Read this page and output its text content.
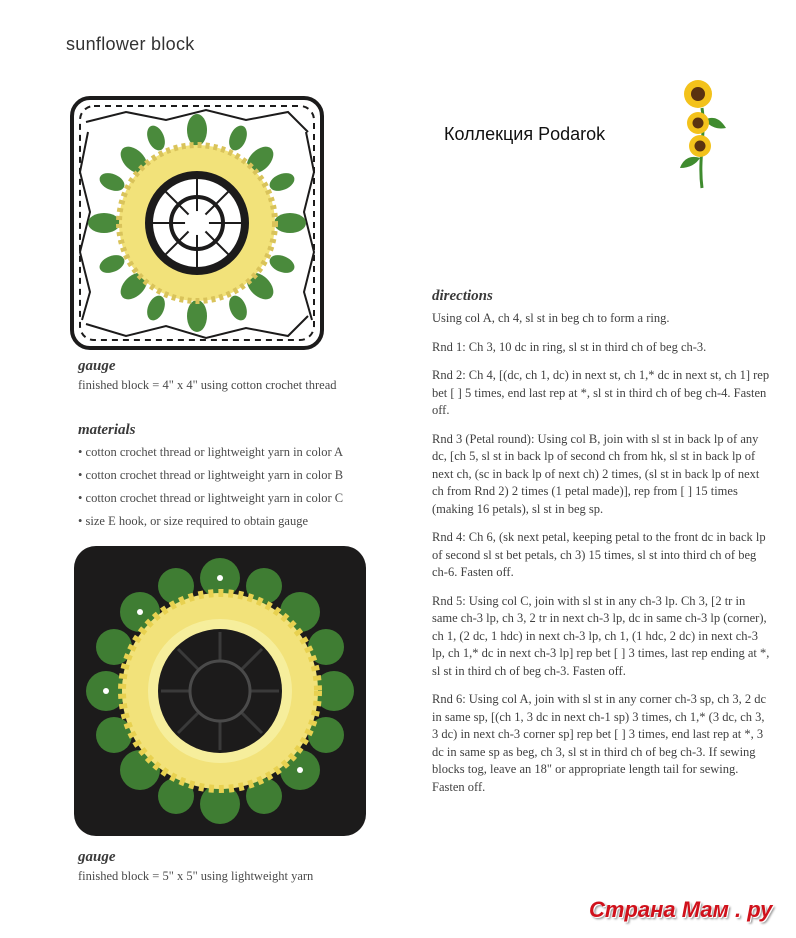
sunflower block
Коллекция Podarok
gauge
finished block = 4" x 4" using cotton crochet thread
materials
• cotton crochet thread or lightweight yarn in color A
• cotton crochet thread or lightweight yarn in color B
• cotton crochet thread or lightweight yarn in color C
• size E hook, or size required to obtain gauge
gauge
finished block = 5" x 5" using lightweight yarn
directions

Using col A, ch 4, sl st in beg ch to form a ring.

Rnd 1: Ch 3, 10 dc in ring, sl st in third ch of beg ch-3.

Rnd 2: Ch 4, [(dc, ch 1, dc) in next st, ch 1,* dc in next st, ch 1] rep bet [ ] 5 times, end last rep at *, sl st in third ch of beg ch-4. Fasten off.

Rnd 3 (Petal round): Using col B, join with sl st in back lp of any dc, [ch 5, sl st in back lp of second ch from hk, sl st in back lp of next ch, (sc in back lp of next ch) 2 times, (sl st in back lp of next ch from Rnd 2) 2 times (1 petal made)], rep from [ ] 15 times (making 16 petals), sl st in beg sp.

Rnd 4: Ch 6, (sk next petal, keeping petal to the front dc in back lp of second sl st bet petals, ch 3) 15 times, sl st into third ch of beg ch-6. Fasten off.

Rnd 5: Using col C, join with sl st in any ch-3 lp. Ch 3, [2 tr in same ch-3 lp, ch 3, 2 tr in next ch-3 lp, dc in same ch-3 lp (corner), ch 1, (2 dc, 1 hdc) in next ch-3 lp, ch 1, (1 hdc, 2 dc) in next ch-3 lp, ch 1,* dc in next ch-3 lp] rep bet [ ] 3 times, last rep ending at *, sl st in third ch of beg ch-3. Fasten off.

Rnd 6: Using col A, join with sl st in any corner ch-3 sp, ch 3, 2 dc in same sp, [(ch 1, 3 dc in next ch-1 sp) 3 times, ch 1,* (3 dc, ch 3, 3 dc) in next ch-3 corner sp] rep bet [ ] 3 times, end last rep at *, 3 dc in same sp as beg, ch 3, sl st in third ch of beg ch-3. If sewing blocks tog, leave an 18" or appropriate length tail for sewing. Fasten off.

Страна Мам . ру
